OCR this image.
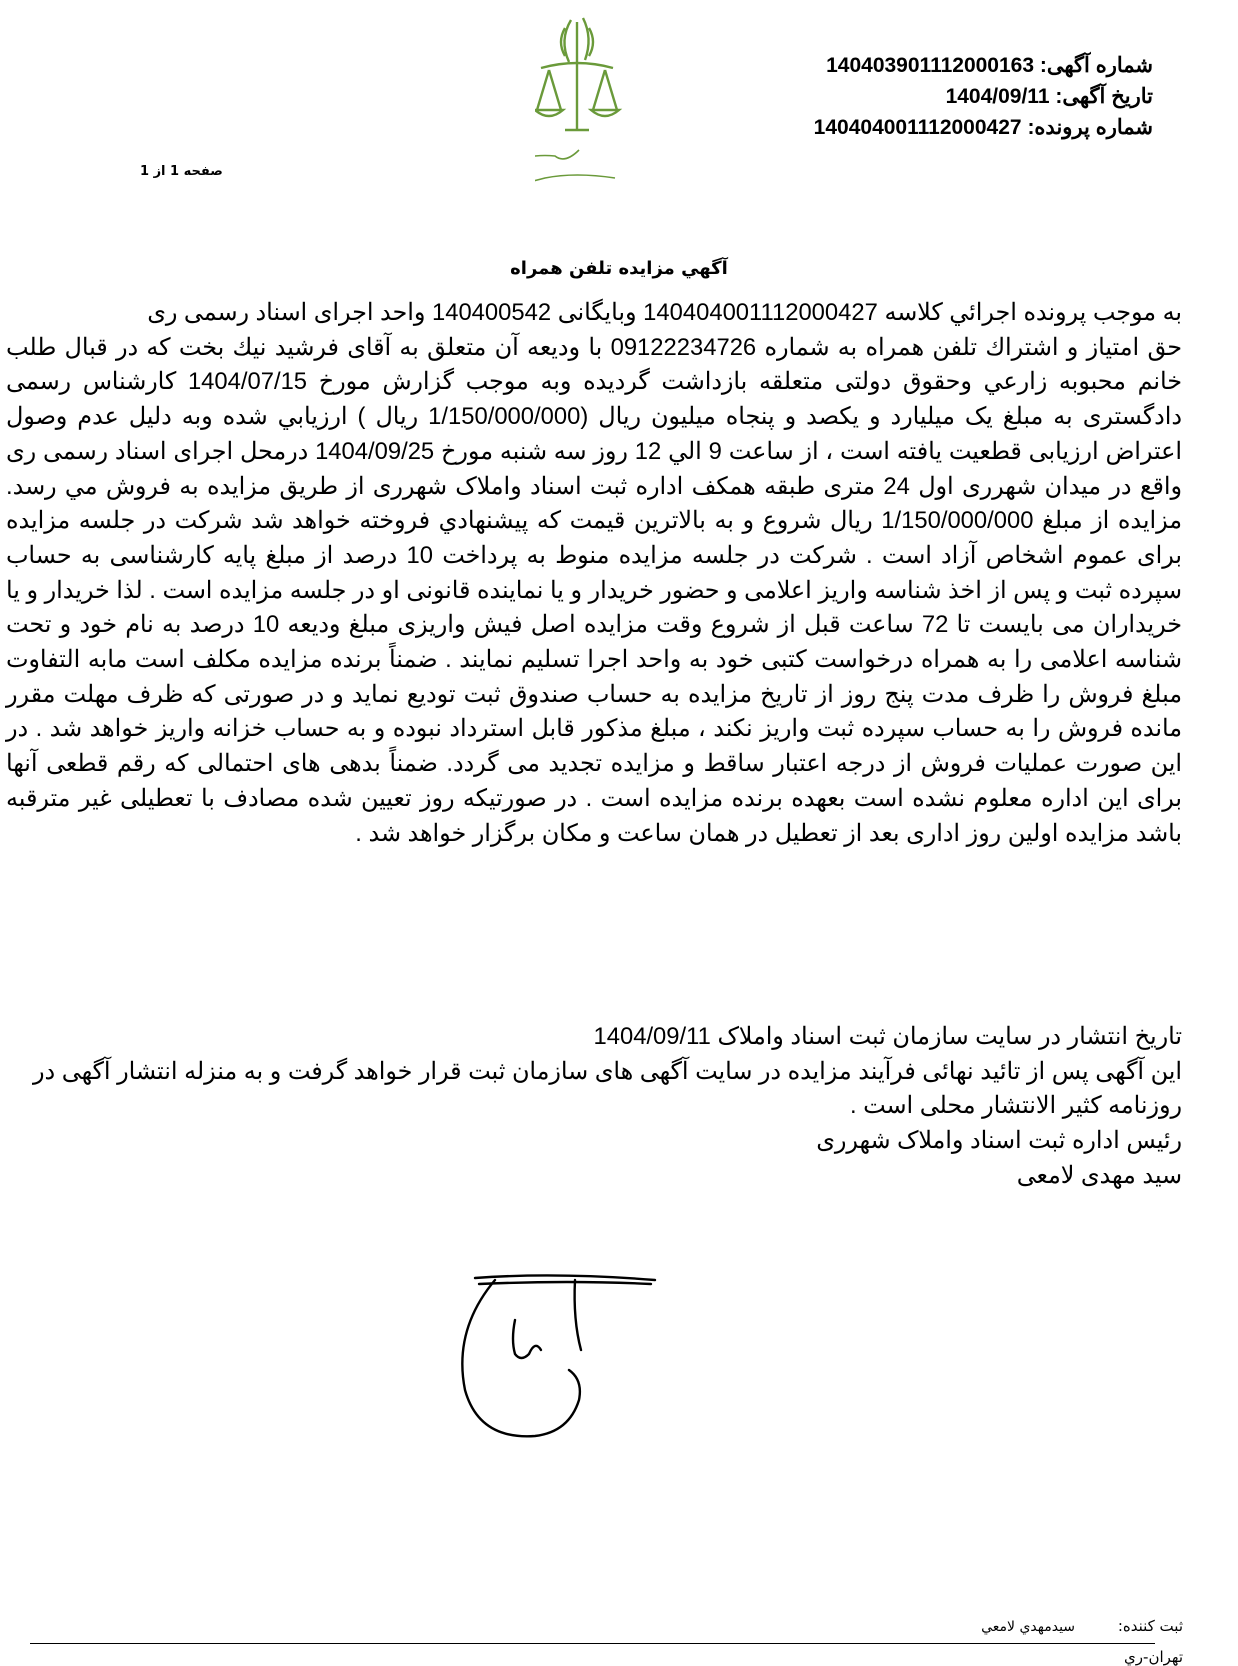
شماره آگهی: 140403901112000163
تاریخ آگهی: 1404/09/11
شماره پرونده: 140404001112000427
صفحه 1 از 1
آگهي مزايده تلفن همراه

به موجب پرونده اجرائي كلاسه 140404001112000427 وبايگانی 140400542 واحد اجرای اسناد رسمی ری

حق امتیاز و اشتراك تلفن همراه به شماره 09122234726 با ودیعه آن متعلق به آقای فرشید نیك بخت که در قبال طلب خانم محبوبه زارعي وحقوق دولتی متعلقه بازداشت گردیده وبه موجب گزارش مورخ 1404/07/15 کارشناس رسمی دادگستری به مبلغ یک میلیارد و یکصد و پنجاه میلیون ریال (1/150/000/000 ریال ) ارزيابي شده وبه دلیل عدم وصول اعتراض ارزیابی قطعیت یافته است ، از ساعت 9 الي 12 روز سه شنبه مورخ 1404/09/25 درمحل اجرای اسناد رسمی ری واقع در میدان شهرری اول 24 متری طبقه همکف اداره ثبت اسناد واملاک شهرری از طريق مزايده به فروش مي رسد. مزايده از مبلغ 1/150/000/000 ريال شروع و به بالاترين قيمت كه پيشنهادي فروخته خواهد شد شرکت در جلسه مزایده برای عموم اشخاص آزاد است . شرکت در جلسه مزایده منوط به پرداخت 10 درصد از مبلغ پایه کارشناسی به حساب سپرده ثبت و پس از اخذ شناسه واریز اعلامی و حضور خریدار و یا نماینده قانونی او در جلسه مزایده است . لذا خریدار و یا خریداران می بایست تا 72 ساعت قبل از شروع وقت مزایده اصل فیش واریزی مبلغ ودیعه 10 درصد به نام خود و تحت شناسه اعلامی را به همراه درخواست کتبی خود به واحد اجرا تسلیم نمایند . ضمناً برنده مزایده مکلف است مابه التفاوت مبلغ فروش را ظرف مدت پنج روز از تاریخ مزایده به حساب صندوق ثبت تودیع نماید و در صورتی که ظرف مهلت مقرر مانده فروش را به حساب سپرده ثبت واریز نکند ، مبلغ مذکور قابل استرداد نبوده و به حساب خزانه واریز خواهد شد . در این صورت عملیات فروش از درجه اعتبار ساقط و مزایده تجدید می گردد. ضمناً بدهی های احتمالی که رقم قطعی آنها برای این اداره معلوم نشده است بعهده برنده مزایده است . در صورتیکه روز تعیین شده مصادف با تعطیلی غیر مترقبه باشد مزایده اولین روز اداری بعد از تعطیل در همان ساعت و مکان برگزار خواهد شد .

تاریخ انتشار در سایت سازمان ثبت اسناد واملاک 1404/09/11

این آگهی پس از تائید نهائی فرآیند مزایده در سایت آگهی های سازمان ثبت قرار خواهد گرفت و به منزله انتشار آگهی در روزنامه کثیر الانتشار محلی است .

رئیس اداره ثبت اسناد واملاک شهرری

سید مهدی لامعی

ثبت كننده: سيدمهدي لامعي
تهران-ري
